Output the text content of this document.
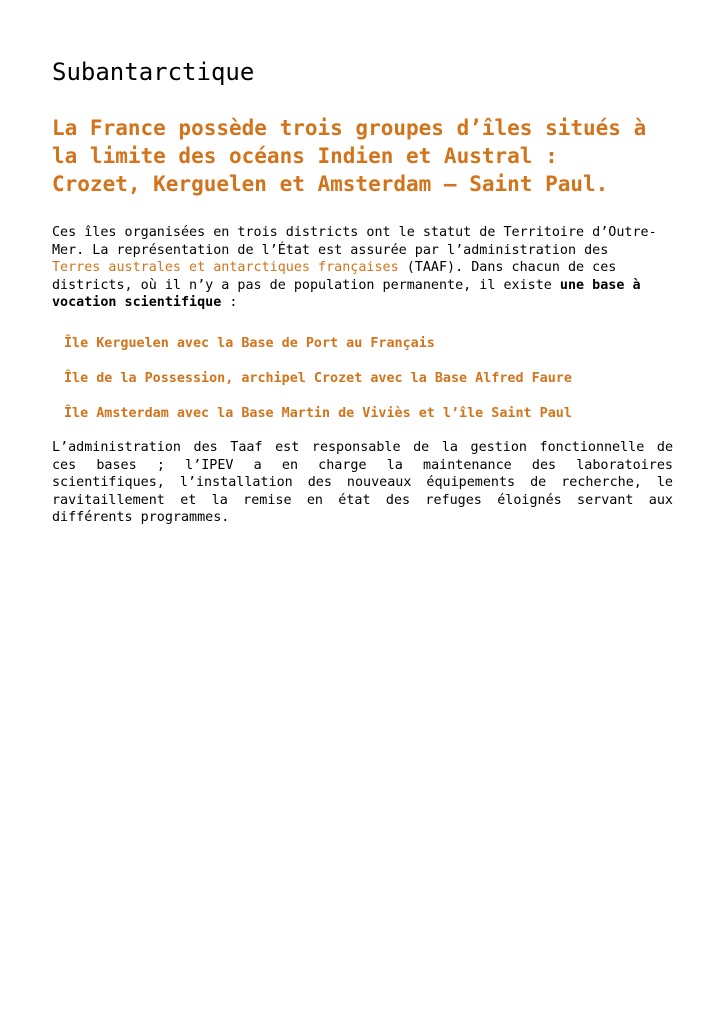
Subantarctique
La France possède trois groupes d’îles situés à
la limite des océans Indien et Austral :
Crozet, Kerguelen et Amsterdam – Saint Paul.

Ces îles organisées en trois districts ont le statut de Territoire d’Outre-
Mer. La représentation de l’État est assurée par l’administration des
Terres australes et antarctiques françaises (TAAF). Dans chacun de ces
districts, où il n’y a pas de population permanente, il existe une base à
vocation scientifique :

Île Kerguelen avec la Base de Port au Français
Île de la Possession, archipel Crozet avec la Base Alfred Faure
Île Amsterdam avec la Base Martin de Viviès et l’île Saint Paul

L’administration des Taaf est responsable de la gestion fonctionnelle de
ces bases ; l’IPEV a en charge la maintenance des laboratoires
scientifiques, l’installation des nouveaux équipements de recherche, le
ravitaillement et la remise en état des refuges éloignés servant aux
différents programmes.
